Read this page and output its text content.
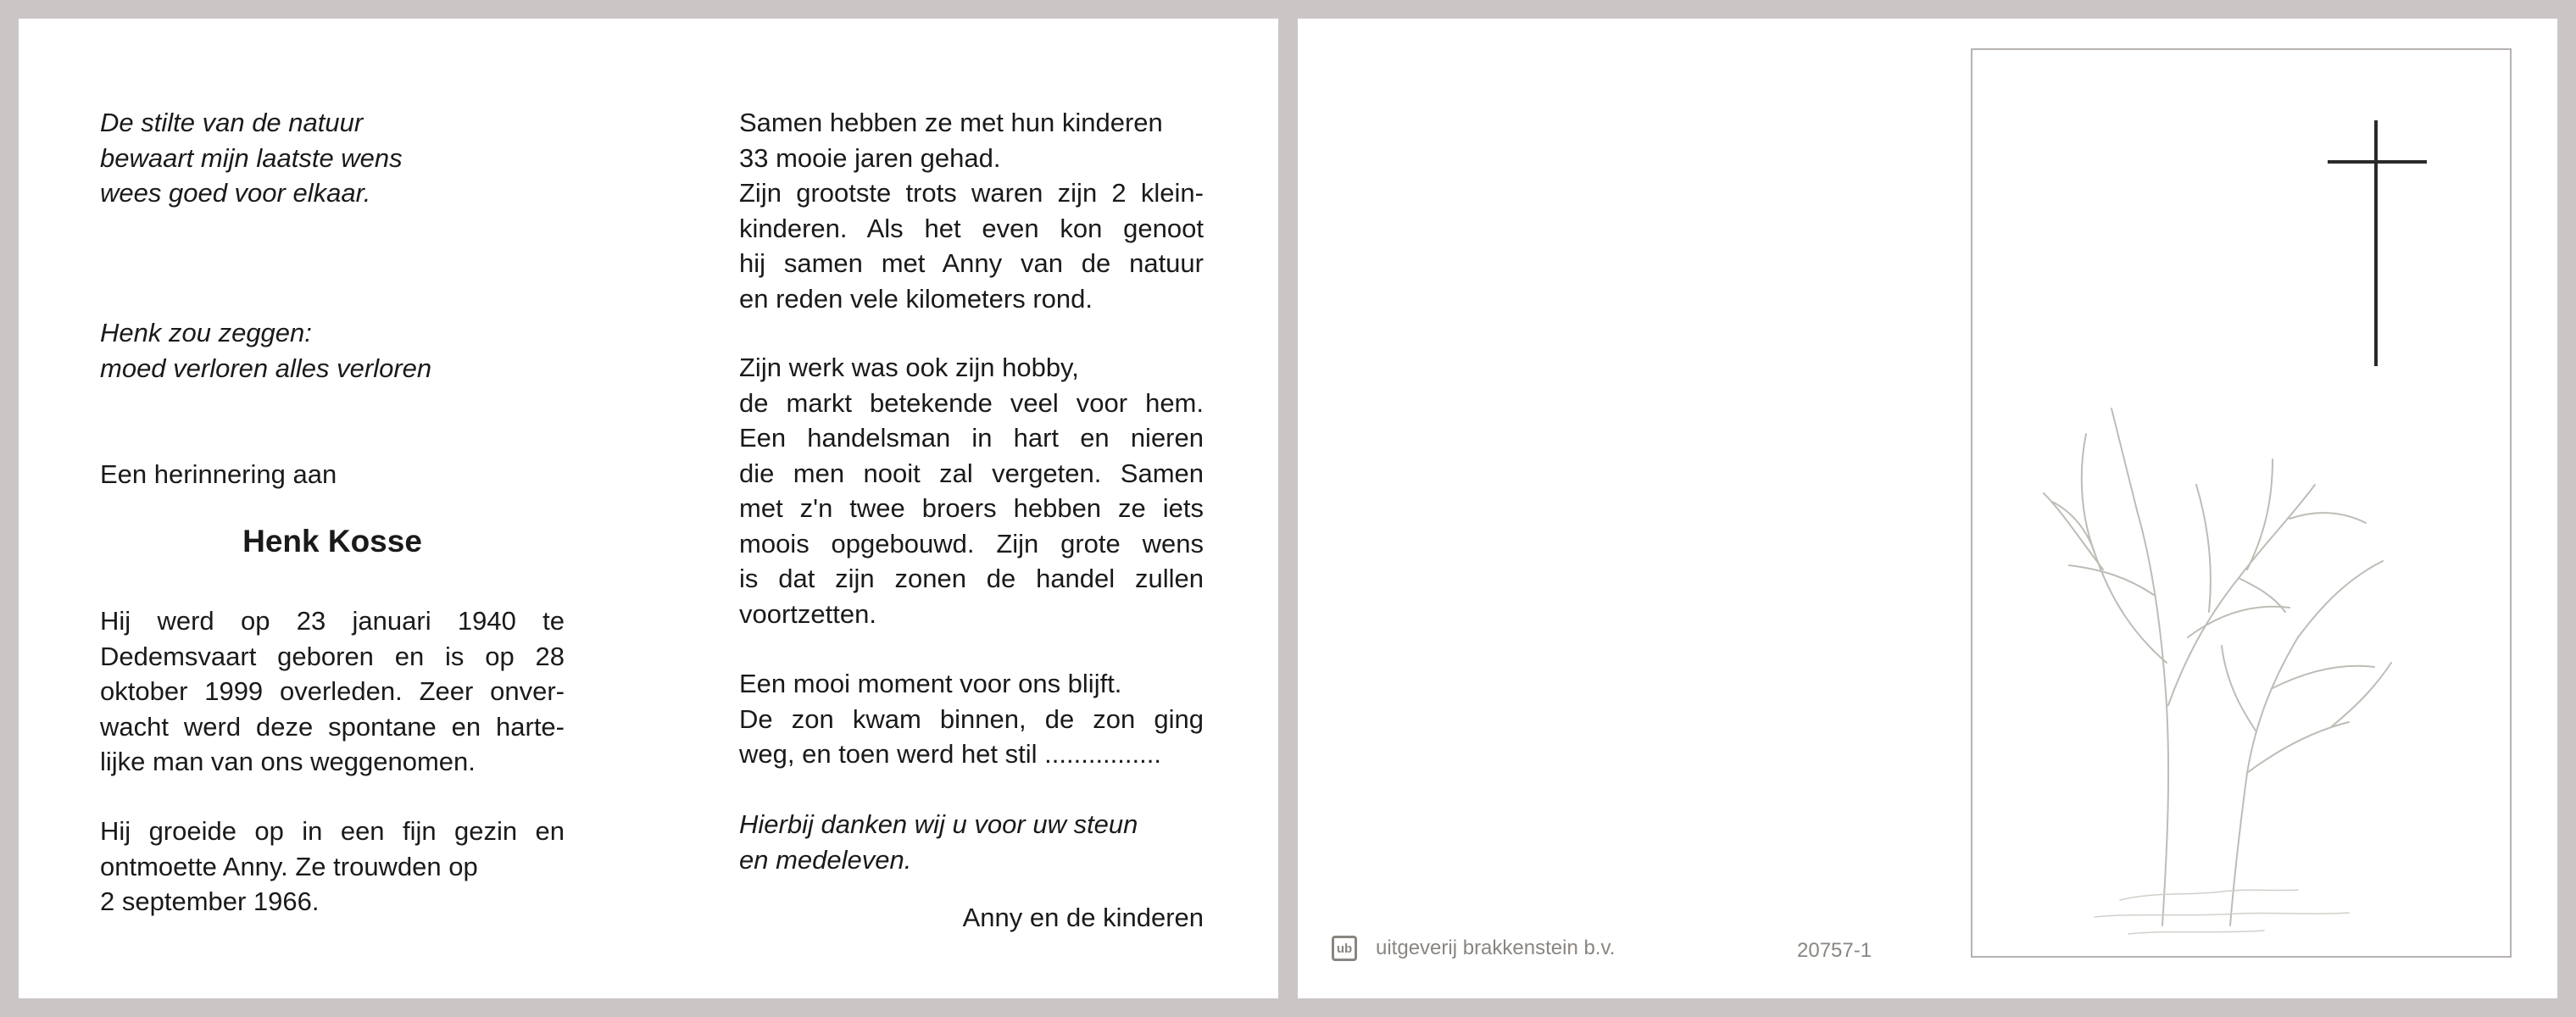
De stilte van de natuur
bewaart mijn laatste wens
wees goed voor elkaar.
Henk zou zeggen:
moed verloren alles verloren
Een herinnering aan
Henk Kosse
Hij werd op 23 januari 1940 te
Dedemsvaart geboren en is op 28
oktober 1999 overleden. Zeer onver-
wacht werd deze spontane en harte-
lijke man van ons weggenomen.
Hij groeide op in een fijn gezin en
ontmoette Anny. Ze trouwden op
2 september 1966.
Samen hebben ze met hun kinderen
33 mooie jaren gehad.
Zijn grootste trots waren zijn 2 klein-
kinderen. Als het even kon genoot
hij samen met Anny van de natuur
en reden vele kilometers rond.
Zijn werk was ook zijn hobby,
de markt betekende veel voor hem.
Een handelsman in hart en nieren
die men nooit zal vergeten. Samen
met z'n twee broers hebben ze iets
moois opgebouwd. Zijn grote wens
is dat zijn zonen de handel zullen
voortzetten.
Een mooi moment voor ons blijft.
De zon kwam binnen, de zon ging
weg, en toen werd het stil ................
Hierbij danken wij u voor uw steun
en medeleven.
Anny en de kinderen
ub uitgeverij brakkenstein b.v.	20757-1
